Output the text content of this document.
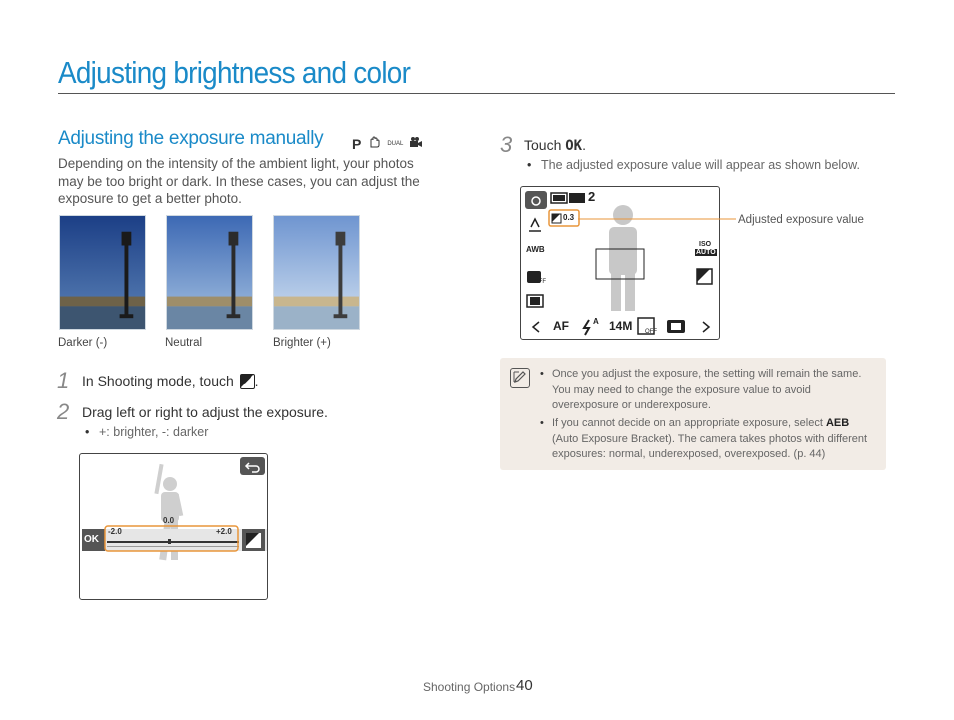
Adjusting brightness and color
Adjusting the exposure manually P	DUAL
Depending on the intensity of the ambient light, your photos may be too bright or dark. In these cases, you can adjust the exposure to get a better photo.
Darker (-)	Neutral	Brighter (+)
1 In Shooting mode, touch .
2 Drag left or right to adjust the exposure.
• +: brighter, -: darker
0.0
-2.0	+2.0
OK
3 Touch OK.
• The adjusted exposure value will appear as shown below.
2
0.3
AWB
ISO
AUTO
OFF
AF	A 14M OFF
Adjusted exposure value
• Once you adjust the exposure, the setting will remain the same. You may need to change the exposure value to avoid overexposure or underexposure.
• If you cannot decide on an appropriate exposure, select AEB (Auto Exposure Bracket). The camera takes photos with different exposures: normal, underexposed, overexposed. (p. 44)
Shooting Options 40
